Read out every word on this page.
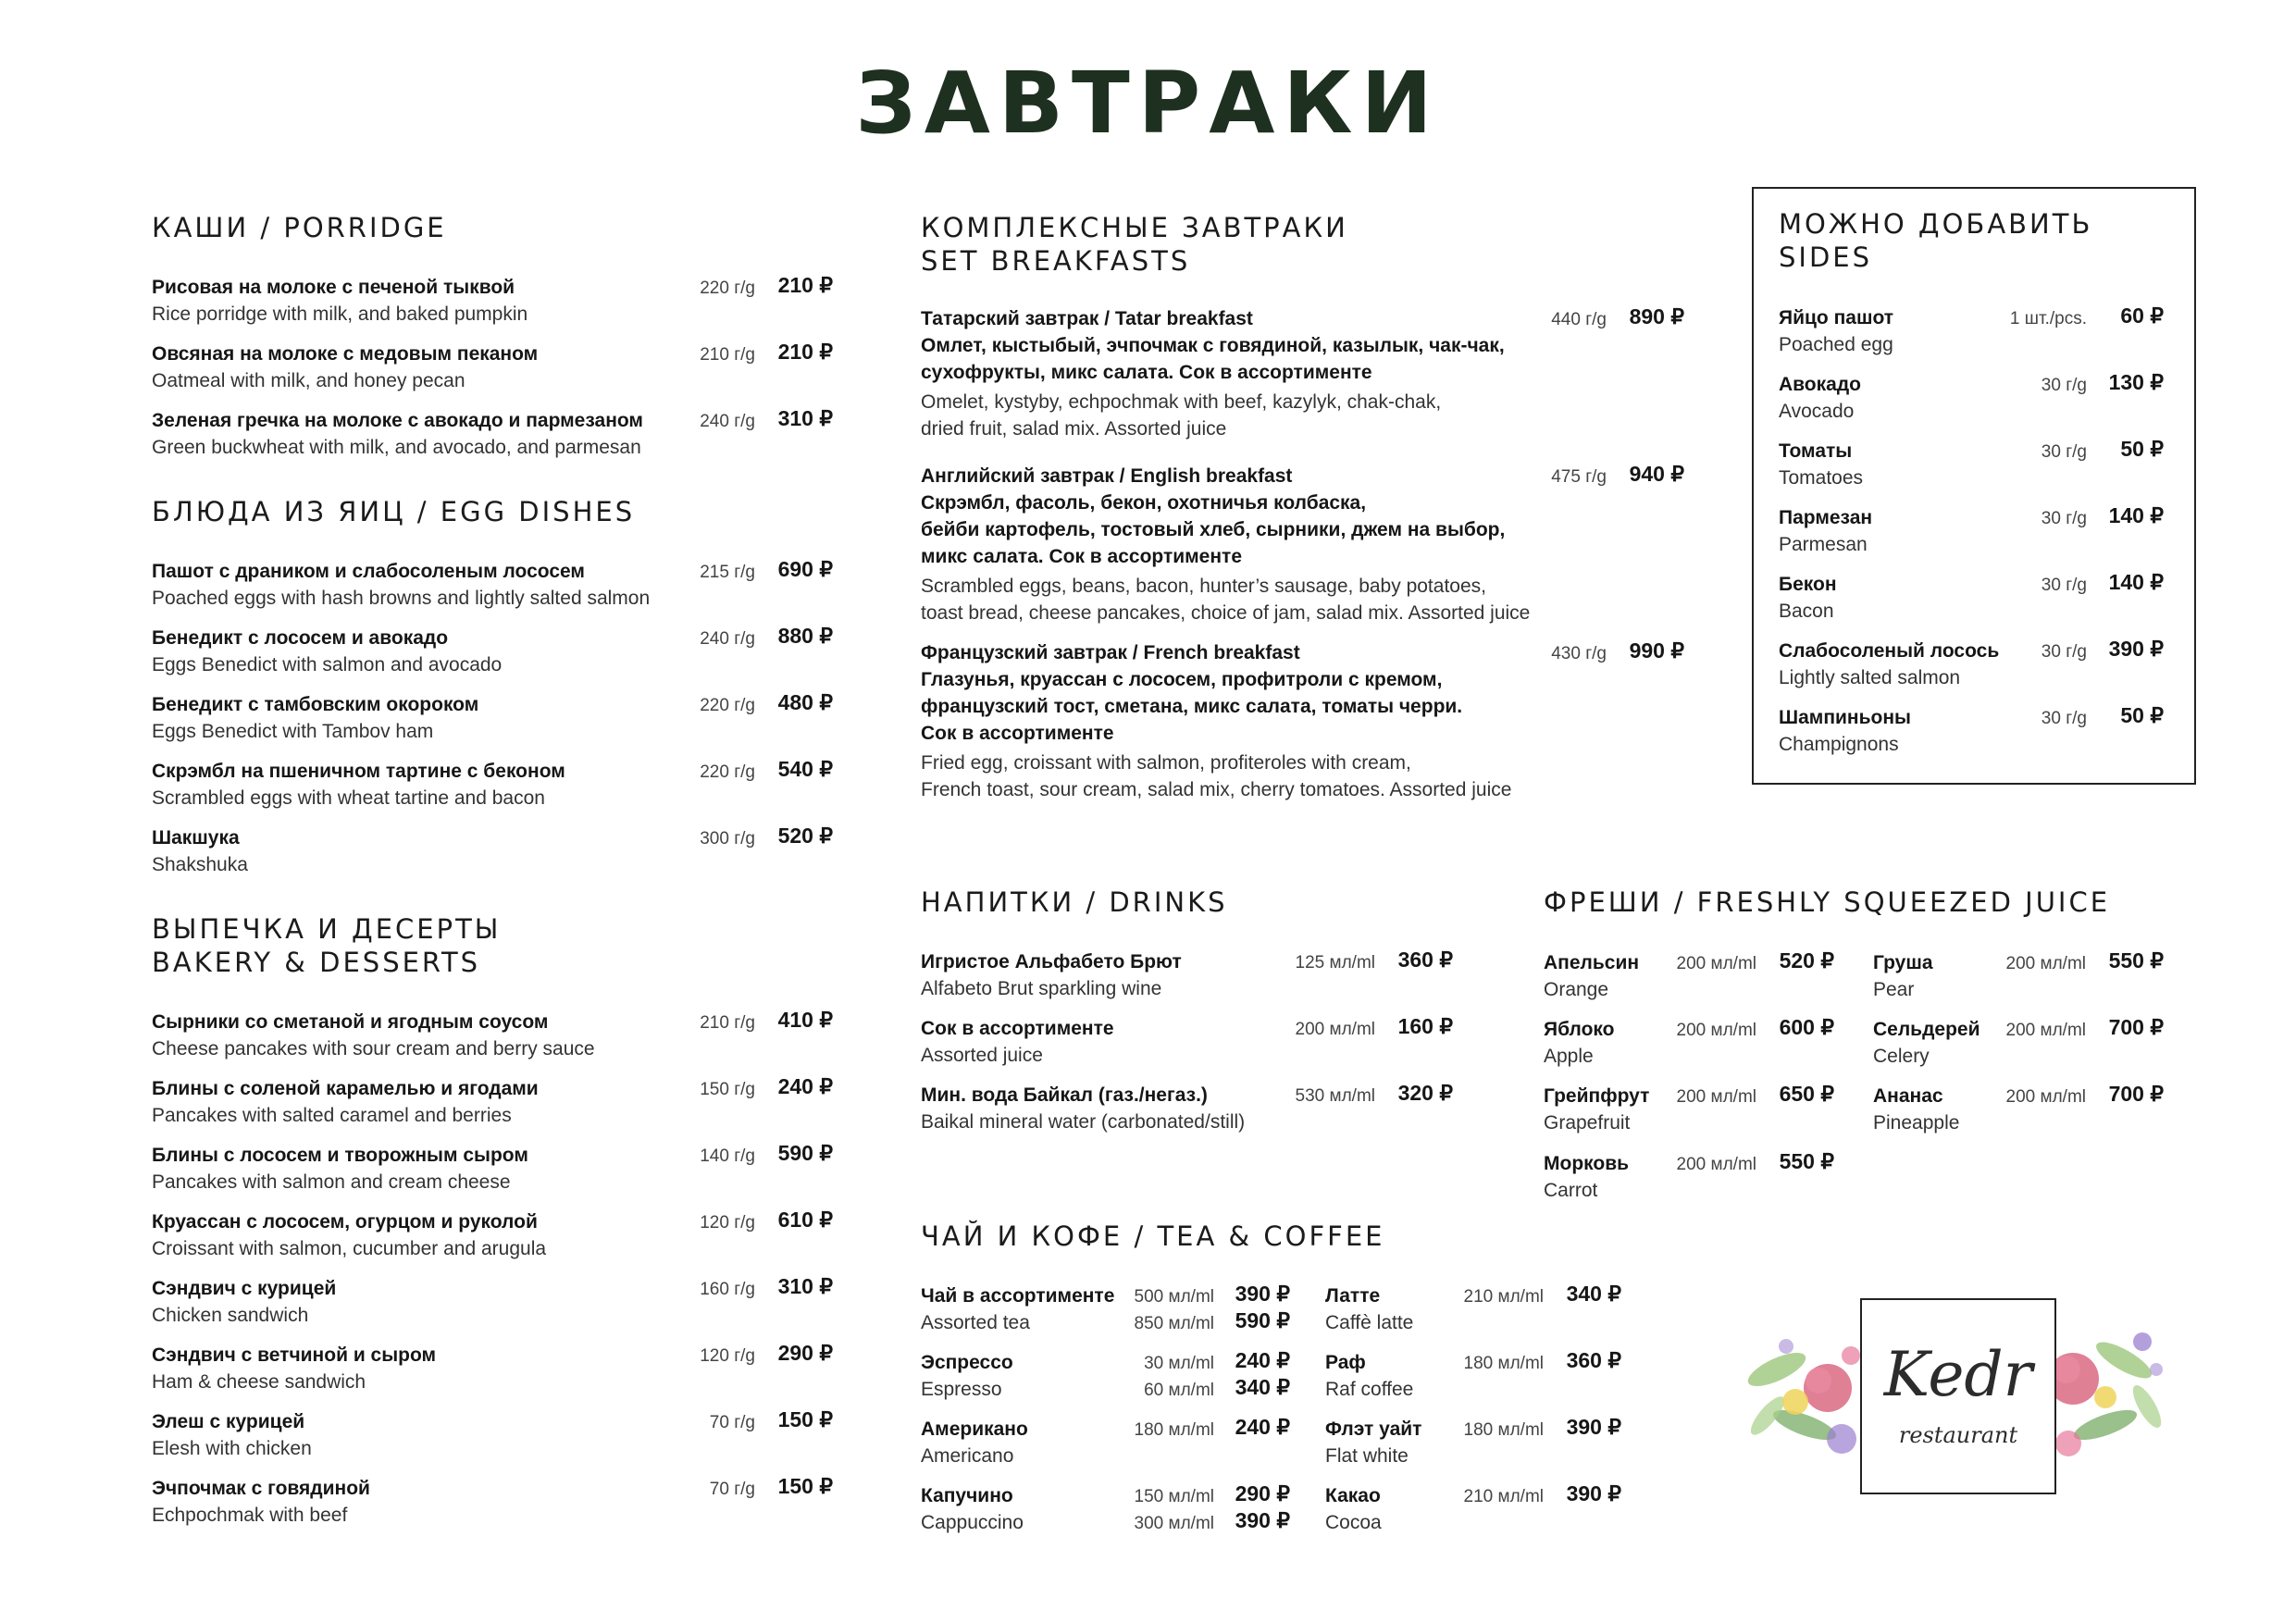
ЗАВТРАКИ
КАШИ / PORRIDGE
Рисовая на молоке с печеной тыквой
Rice porridge with milk, and baked pumpkin
220 г/g	210 ₽
Овсяная на молоке с медовым пеканом
Oatmeal with milk, and honey pecan
210 г/g	210 ₽
Зеленая гречка на молоке с авокадо и пармезаном
Green buckwheat with milk, and avocado, and parmesan
240 г/g	310 ₽
БЛЮДА ИЗ ЯИЦ / EGG DISHES
Пашот с драником и слабосоленым лососем
Poached eggs with hash browns and lightly salted salmon
215 г/g	690 ₽
Бенедикт с лососем и авокадо
Eggs Benedict with salmon and avocado
240 г/g	880 ₽
Бенедикт с тамбовским окороком
Eggs Benedict with Tambov ham
220 г/g	480 ₽
Скрэмбл на пшеничном тартине с беконом
Scrambled eggs with wheat tartine and bacon
220 г/g	540 ₽
Шакшука
Shakshuka
300 г/g	520 ₽
ВЫПЕЧКА И ДЕСЕРТЫ
BAKERY & DESSERTS
Сырники со сметаной и ягодным соусом
Cheese pancakes with sour cream and berry sauce
210 г/g	410 ₽
Блины с соленой карамелью и ягодами
Pancakes with salted caramel and berries
150 г/g	240 ₽
Блины с лососем и творожным сыром
Pancakes with salmon and cream cheese
140 г/g	590 ₽
Круассан с лососем, огурцом и руколой
Croissant with salmon, cucumber and arugula
120 г/g	610 ₽
Сэндвич с курицей
Chicken sandwich
160 г/g	310 ₽
Сэндвич с ветчиной и сыром
Ham & cheese sandwich
120 г/g	290 ₽
Элеш с курицей
Elesh with chicken
70 г/g	150 ₽
Эчпочмак с говядиной
Echpochmak with beef
70 г/g	150 ₽
КОМПЛЕКСНЫЕ ЗАВТРАКИ
SET BREAKFASTS
Татарский завтрак / Tatar breakfast
Омлет, кыстыбый, эчпочмак с говядиной, казылык, чак-чак,
сухофрукты, микс салата. Сок в ассортименте
Omelet, kystyby, echpochmak with beef, kazylyk, chak-chak,
dried fruit, salad mix. Assorted juice
440 г/g	890 ₽
Английский завтрак / English breakfast
Скрэмбл, фасоль, бекон, охотничья колбаска,
бейби картофель, тостовый хлеб, сырники, джем на выбор,
микс салата. Сок в ассортименте
Scrambled eggs, beans, bacon, hunter’s sausage, baby potatoes,
toast bread, cheese pancakes, choice of jam, salad mix. Assorted juice
475 г/g	940 ₽
Французский завтрак / French breakfast
Глазунья, круассан с лососем, профитроли с кремом,
французский тост, сметана, микс салата, томаты черри.
Сок в ассортименте
Fried egg, croissant with salmon, profiteroles with cream,
French toast, sour cream, salad mix, cherry tomatoes. Assorted juice
430 г/g	990 ₽
МОЖНО ДОБАВИТЬ
SIDES
Яйцо пашот
Poached egg
1 шт./pcs.	60 ₽
Авокадо
Avocado
30 г/g	130 ₽
Томаты
Tomatoes
30 г/g	50 ₽
Пармезан
Parmesan
30 г/g	140 ₽
Бекон
Bacon
30 г/g	140 ₽
Слабосоленый лосось
Lightly salted salmon
30 г/g	390 ₽
Шампиньоны
Champignons
30 г/g	50 ₽
НАПИТКИ / DRINKS
Игристое Альфабето Брют
Alfabeto Brut sparkling wine
125 мл/ml	360 ₽
Сок в ассортименте
Assorted juice
200 мл/ml	160 ₽
Мин. вода Байкал (газ./негаз.)
Baikal mineral water (carbonated/still)
530 мл/ml	320 ₽
ФРЕШИ / FRESHLY SQUEEZED JUICE
Апельсин
Orange
200 мл/ml	520 ₽
Яблоко
Apple
200 мл/ml	600 ₽
Грейпфрут
Grapefruit
200 мл/ml	650 ₽
Морковь
Carrot
200 мл/ml	550 ₽
Груша
Pear
200 мл/ml	550 ₽
Сельдерей
Celery
200 мл/ml	700 ₽
Ананас
Pineapple
200 мл/ml	700 ₽
ЧАЙ И КОФЕ / TEA & COFFEE
Чай в ассортименте
Assorted tea
500 мл/ml 390 ₽
850 мл/ml 590 ₽
Эспрессо
Espresso
30 мл/ml 240 ₽
60 мл/ml 340 ₽
Американо
Americano
180 мл/ml 240 ₽
Капучино
Cappuccino
150 мл/ml 290 ₽
300 мл/ml 390 ₽
Латте
Caffè latte
210 мл/ml	340 ₽
Раф
Raf coffee
180 мл/ml	360 ₽
Флэт уайт
Flat white
180 мл/ml	390 ₽
Какао
Cocoa
210 мл/ml	390 ₽
Kedr
restaurant
